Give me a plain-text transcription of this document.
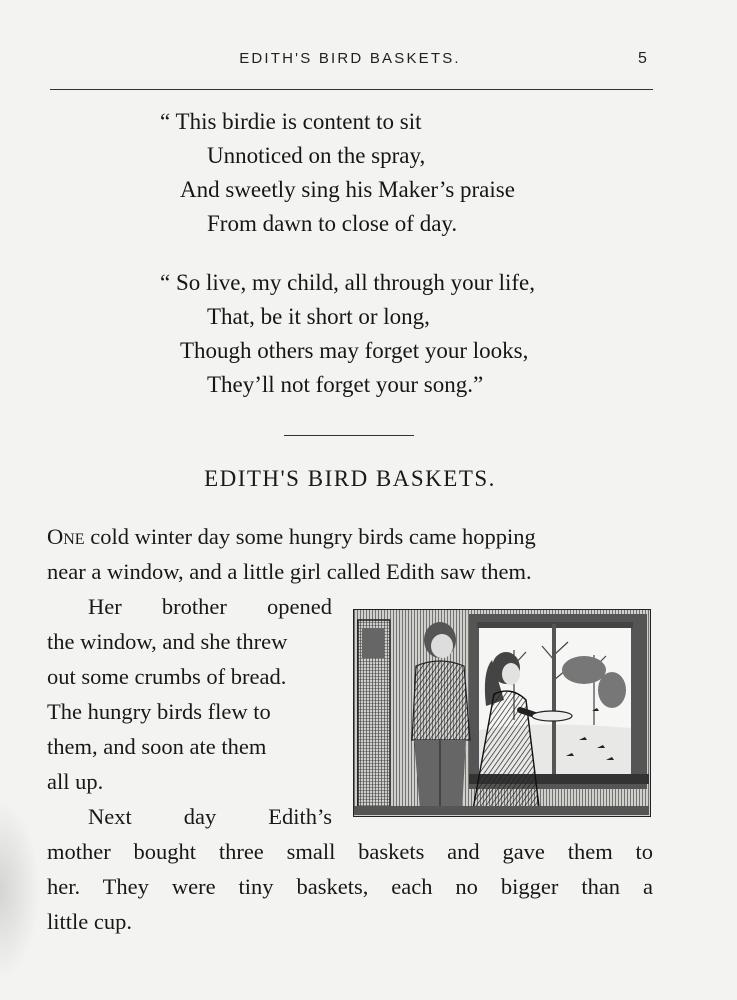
EDITH'S BIRD BASKETS.	5
“ This birdie is content to sit
Unnoticed on the spray,
And sweetly sing his Maker’s praise
From dawn to close of day.
“ So live, my child, all through your life,
That, be it short or long,
Though others may forget your looks,
They’ll not forget your song.”
EDITH'S BIRD BASKETS.
One cold winter day some hungry birds came hopping
near a window, and a little girl called Edith saw them.
Her brother opened
the window, and she threw
out some crumbs of bread.
The hungry birds flew to
them, and soon ate them
all up.
Next day Edith’s
mother bought three small baskets and gave them to
her. They were tiny baskets, each no bigger than a
little cup.
